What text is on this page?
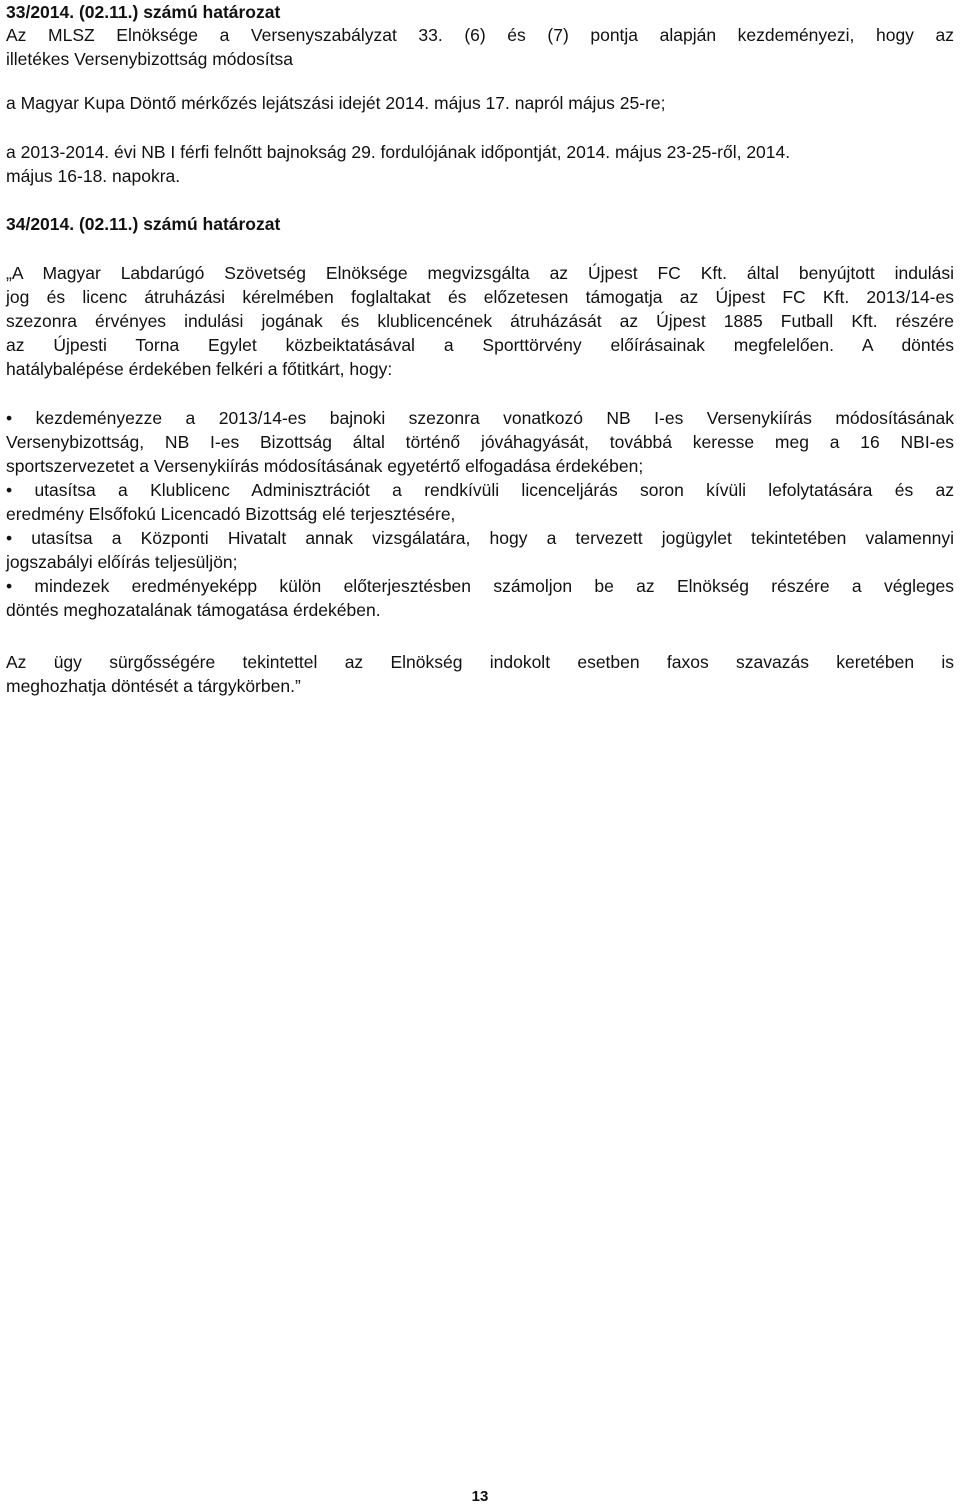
33/2014. (02.11.) számú határozat

Az MLSZ Elnöksége a Versenyszabályzat 33. (6) és (7) pontja alapján kezdeményezi, hogy az

illetékes Versenybizottság módosítsa

a Magyar Kupa Döntő mérkőzés lejátszási idejét 2014. május 17. napról május 25-re;

a 2013-2014. évi NB I férfi felnőtt bajnokság 29. fordulójának időpontját, 2014. május 23-25-ről, 2014.

május 16-18. napokra.

34/2014. (02.11.) számú határozat
„A Magyar Labdarúgó Szövetség Elnöksége megvizsgálta az Újpest FC Kft. által benyújtott indulási
jog és licenc átruházási kérelmében foglaltakat és előzetesen támogatja az Újpest FC Kft. 2013/14-es
szezonra érvényes indulási jogának és klublicencének átruházását az Újpest 1885 Futball Kft. részére
az Újpesti Torna Egylet közbeiktatásával a Sporttörvény előírásainak megfelelően. A döntés
hatálybalépése érdekében felkéri a főtitkárt, hogy:
• kezdeményezze a 2013/14-es bajnoki szezonra vonatkozó NB I-es Versenykiírás módosításának
Versenybizottság, NB I-es Bizottság által történő jóváhagyását, továbbá keresse meg a 16 NBI-es
sportszervezetet a Versenykiírás módosításának egyetértő elfogadása érdekében;
• utasítsa a Klublicenc Adminisztrációt a rendkívüli licenceljárás soron kívüli lefolytatására és az
eredmény Elsőfokú Licencadó Bizottság elé terjesztésére,
• utasítsa a Központi Hivatalt annak vizsgálatára, hogy a tervezett jogügylet tekintetében valamennyi
jogszabályi előírás teljesüljön;
• mindezek eredményeképp külön előterjesztésben számoljon be az Elnökség részére a végleges
döntés meghozatalának támogatása érdekében.
Az ügy sürgősségére tekintettel az Elnökség indokolt esetben faxos szavazás keretében is
meghozhatja döntését a tárgykörben.”
13
